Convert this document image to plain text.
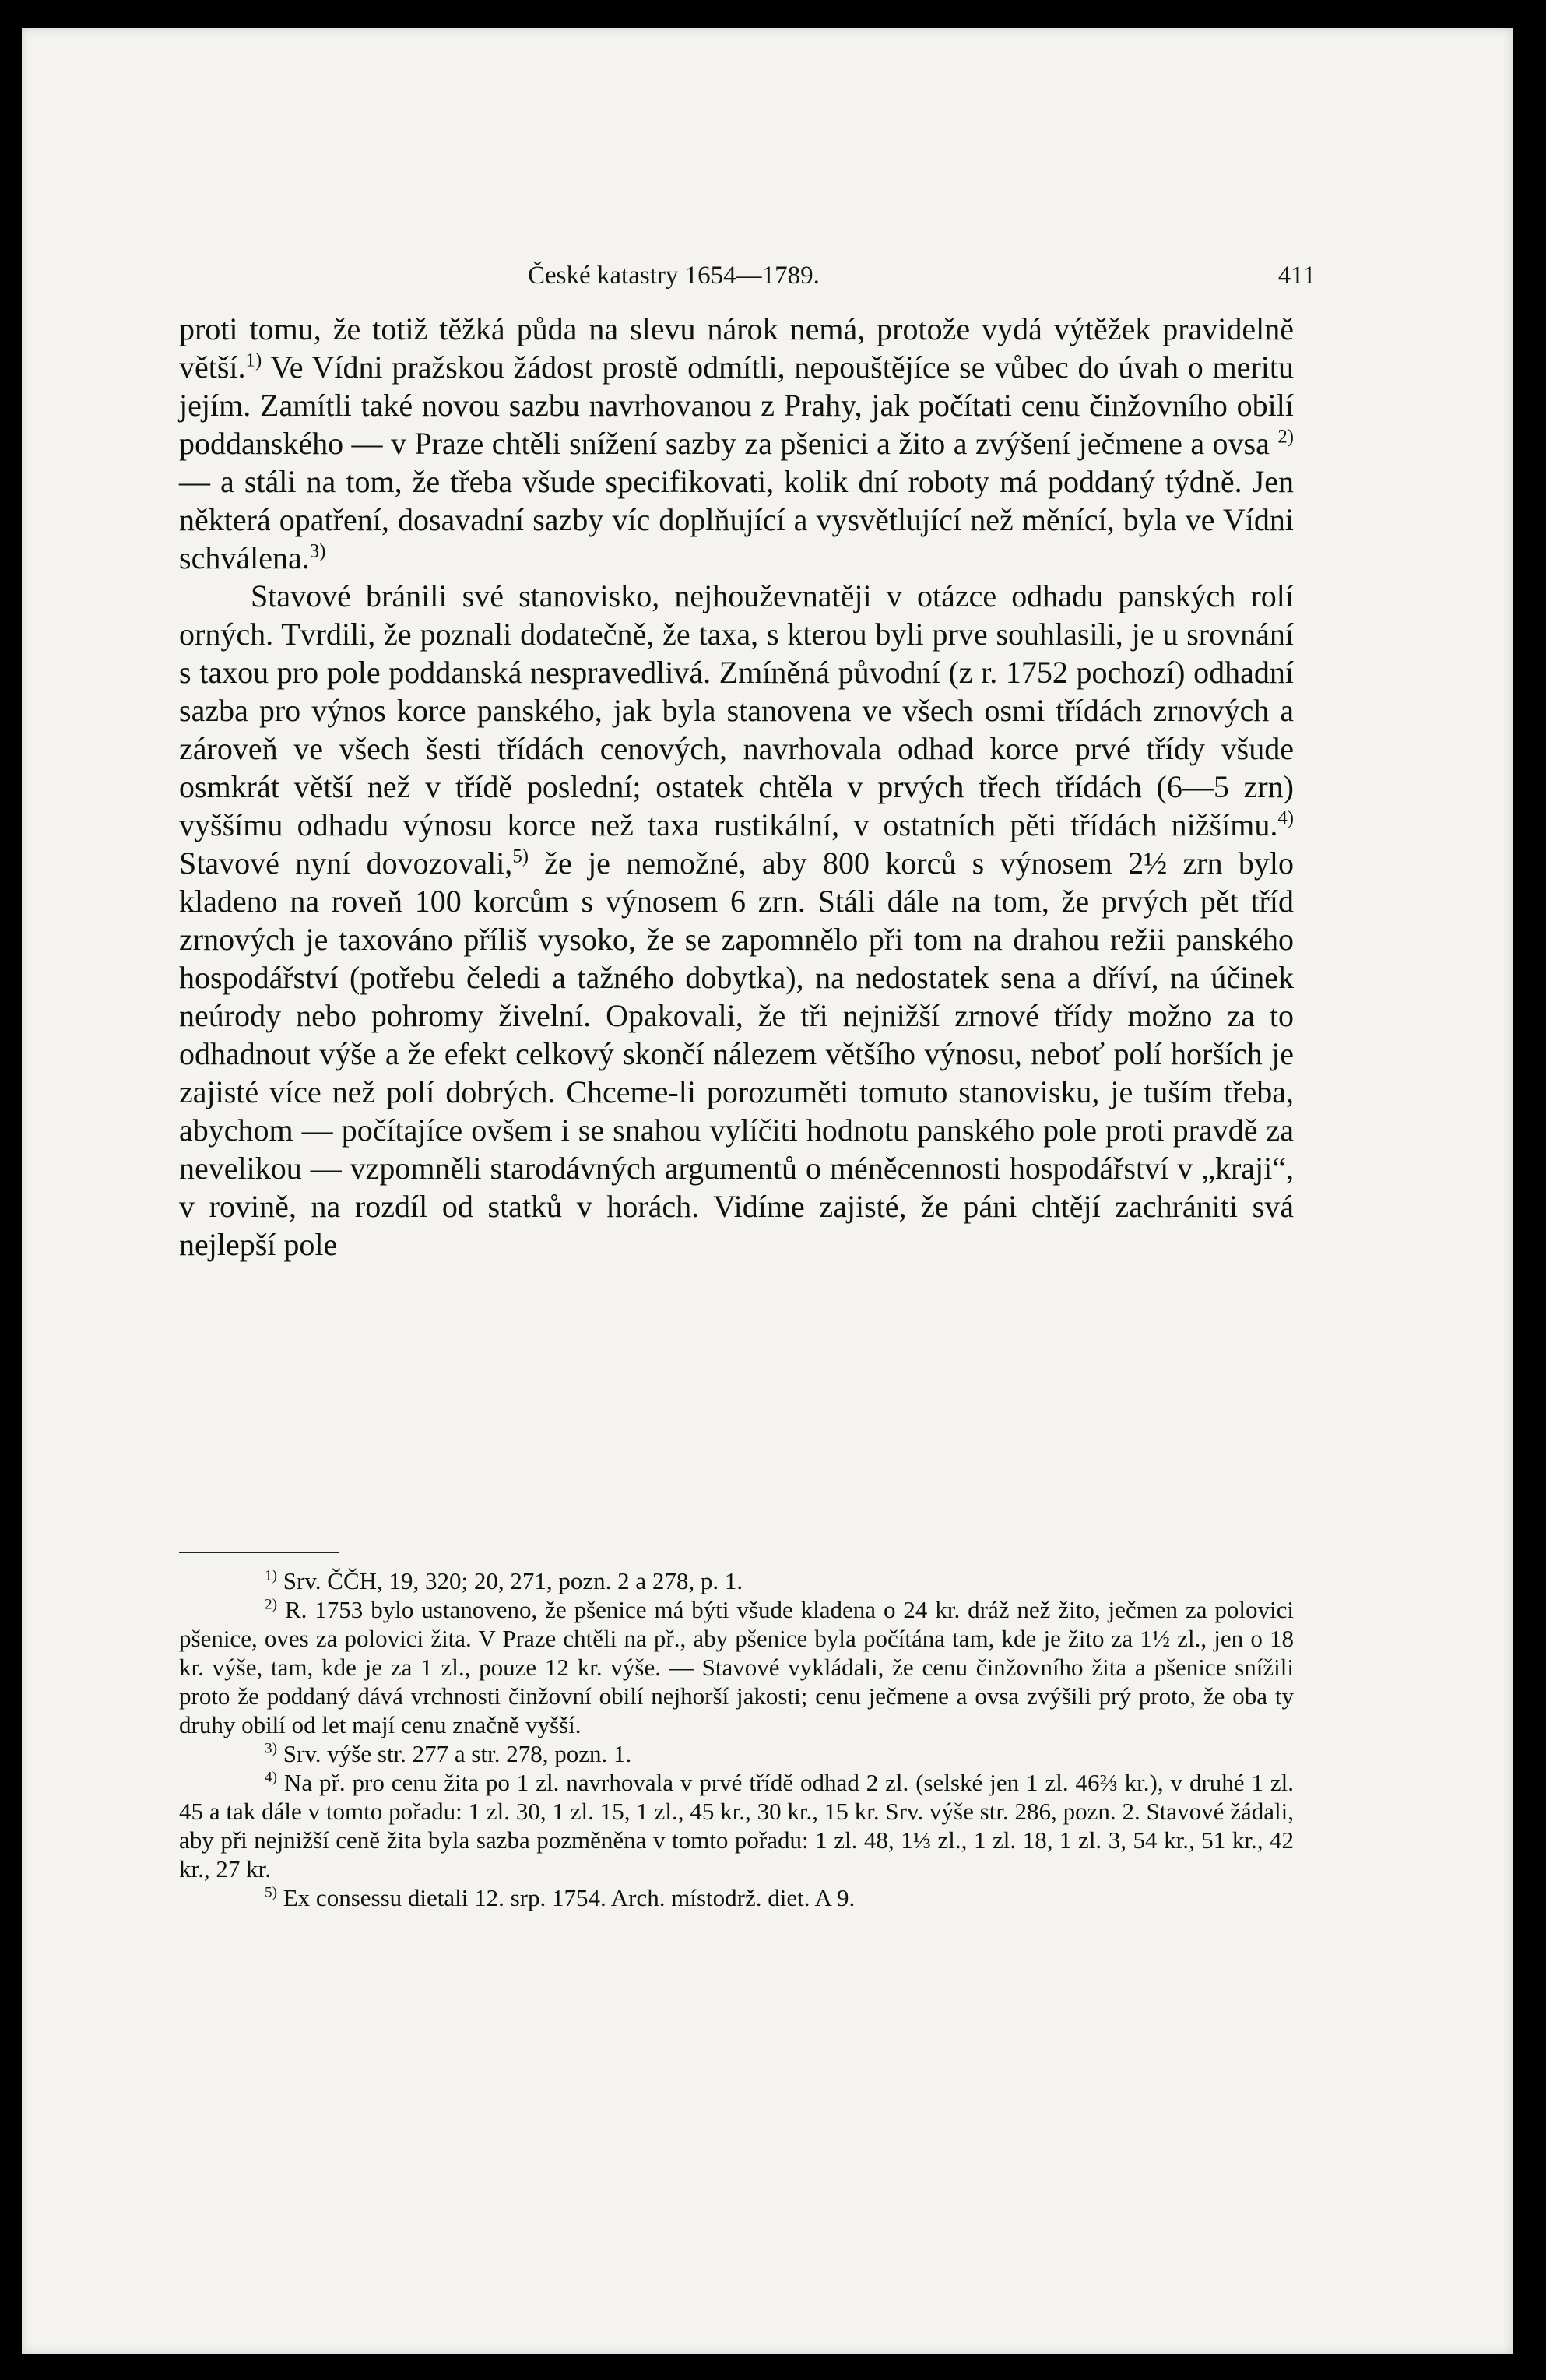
České katastry 1654—1789.	411

proti tomu, že totiž těžká půda na slevu nárok nemá, protože vydá výtěžek pravidelně větší.$^{1)}$ Ve Vídni pražskou žádost prostě odmítli, nepouštějíce se vůbec do úvah o meritu jejím. Zamítli také novou sazbu navrhovanou z Prahy, jak počítati cenu činžovního obilí poddanského — v Praze chtěli snížení sazby za pšenici a žito a zvýšení ječmene a ovsa $^{2)}$ — a stáli na tom, že třeba všude specifikovati, kolik dní roboty má poddaný týdně. Jen některá opatření, dosavadní sazby víc doplňující a vysvětlující než měnící, byla ve Vídni schválena.$^{3)}$

Stavové bránili své stanovisko, nejhouževnatěji v otázce odhadu panských rolí orných. Tvrdili, že poznali dodatečně, že taxa, s kterou byli prve souhlasili, je u srovnání s taxou pro pole poddanská nespravedlivá. Zmíněná původní (z r. 1752 pochozí) odhadní sazba pro výnos korce panského, jak byla stanovena ve všech osmi třídách zrnových a zároveň ve všech šesti třídách cenových, navrhovala odhad korce prvé třídy všude osmkrát větší než v třídě poslední; ostatek chtěla v prvých třech třídách (6—5 zrn) vyššímu odhadu výnosu korce než taxa rustikální, v ostatních pěti třídách nižšímu.$^{4)}$ Stavové nyní dovozovali,$^{5)}$ že je nemožné, aby 800 korců s výnosem 2½ zrn bylo kladeno na roveň 100 korcům s výnosem 6 zrn. Stáli dále na tom, že prvých pět tříd zrnových je taxováno příliš vysoko, že se zapomnělo při tom na drahou režii panského hospodářství (potřebu čeledi a tažného dobytka), na nedostatek sena a dříví, na účinek neúrody nebo pohromy živelní. Opakovali, že tři nejnižší zrnové třídy možno za to odhadnout výše a že efekt celkový skončí nálezem většího výnosu, neboť polí horších je zajisté více než polí dobrých. Chceme-li porozuměti tomuto stanovisku, je tuším třeba, abychom — počítajíce ovšem i se snahou vylíčiti hodnotu panského pole proti pravdě za nevelikou — vzpomněli starodávných argumentů o méněcennosti hospodářství v „kraji“, v rovině, na rozdíl od statků v horách. Vidíme zajisté, že páni chtějí zachrániti svá nejlepší pole

$^{1)}$ Srv. ČČH, 19, 320; 20, 271, pozn. 2 a 278, p. 1.

$^{2)}$ R. 1753 bylo ustanoveno, že pšenice má býti všude kladena o 24 kr. dráž než žito, ječmen za polovici pšenice, oves za polovici žita. V Praze chtěli na př., aby pšenice byla počítána tam, kde je žito za 1½ zl., jen o 18 kr. výše, tam, kde je za 1 zl., pouze 12 kr. výše. — Stavové vykládali, že cenu činžovního žita a pšenice snížili proto že poddaný dává vrchnosti činžovní obilí nejhorší jakosti; cenu ječmene a ovsa zvýšili prý proto, že oba ty druhy obilí od let mají cenu značně vyšší.

$^{3)}$ Srv. výše str. 277 a str. 278, pozn. 1.

$^{4)}$ Na př. pro cenu žita po 1 zl. navrhovala v prvé třídě odhad 2 zl. (selské jen 1 zl. 46⅔ kr.), v druhé 1 zl. 45 a tak dále v tomto pořadu: 1 zl. 30, 1 zl. 15, 1 zl., 45 kr., 30 kr., 15 kr. Srv. výše str. 286, pozn. 2. Stavové žádali, aby při nejnižší ceně žita byla sazba pozměněna v tomto pořadu: 1 zl. 48, 1⅓ zl., 1 zl. 18, 1 zl. 3, 54 kr., 51 kr., 42 kr., 27 kr.

$^{5)}$ Ex consessu dietali 12. srp. 1754. Arch. místodrž. diet. A 9.
